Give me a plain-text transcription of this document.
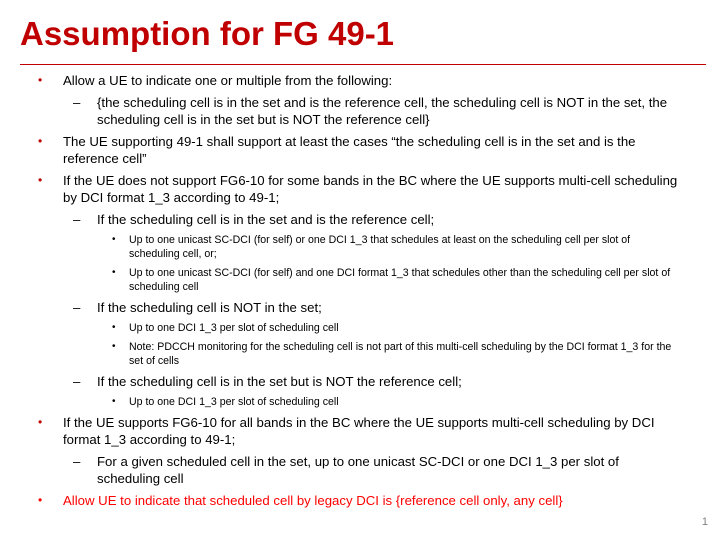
Assumption for FG 49-1
• Allow a UE to indicate one or multiple from the following:
– {the scheduling cell is in the set and is the reference cell, the scheduling cell is NOT in the set, the scheduling cell is in the set but is NOT the reference cell}
• The UE supporting 49-1 shall support at least the cases “the scheduling cell is in the set and is the reference cell”
• If the UE does not support FG6-10 for some bands in the BC where the UE supports multi-cell scheduling by DCI format 1_3 according to 49-1;
– If the scheduling cell is in the set and is the reference cell;
• Up to one unicast SC-DCI (for self) or one DCI 1_3 that schedules at least on the scheduling cell per slot of scheduling cell, or;
• Up to one unicast SC-DCI (for self) and one DCI format 1_3 that schedules other than the scheduling cell per slot of scheduling cell
– If the scheduling cell is NOT in the set;
• Up to one DCI 1_3 per slot of scheduling cell
• Note: PDCCH monitoring for the scheduling cell is not part of this multi-cell scheduling by the DCI format 1_3 for the set of cells
– If the scheduling cell is in the set but is NOT the reference cell;
• Up to one DCI 1_3 per slot of scheduling cell
• If the UE supports FG6-10 for all bands in the BC where the UE supports multi-cell scheduling by DCI format 1_3 according to 49-1;
– For a given scheduled cell in the set, up to one unicast SC-DCI or one DCI 1_3 per slot of scheduling cell
• Allow UE to indicate that scheduled cell by legacy DCI is {reference cell only, any cell}
1
